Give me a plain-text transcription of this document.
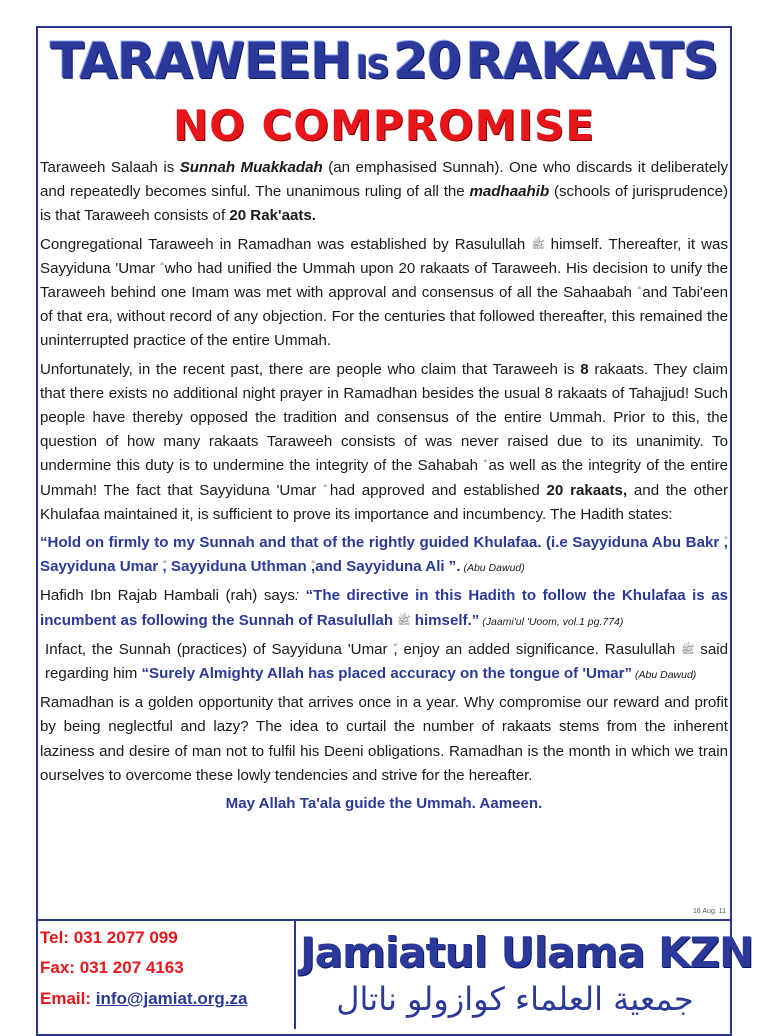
TARAWEEH IS 20 RAKAATS
NO COMPROMISE

Taraweeh Salaah is Sunnah Muakkadah (an emphasised Sunnah). One who discards it deliberately and repeatedly becomes sinful. The unanimous ruling of all the madhaahib (schools of jurisprudence) is that Taraweeh consists of 20 Rak'aats.

Congregational Taraweeh in Ramadhan was established by Rasulullah ﷺ himself. Thereafter, it was Sayyiduna 'Umar who had unified the Ummah upon 20 rakaats of Taraweeh. His decision to unify the Taraweeh behind one Imam was met with approval and consensus of all the Sahaabah and Tabi'een of that era, without record of any objection. For the centuries that followed thereafter, this remained the uninterrupted practice of the entire Ummah.

Unfortunately, in the recent past, there are people who claim that Taraweeh is 8 rakaats. They claim that there exists no additional night prayer in Ramadhan besides the usual 8 rakaats of Tahajjud! Such people have thereby opposed the tradition and consensus of the entire Ummah. Prior to this, the question of how many rakaats Taraweeh consists of was never raised due to its unanimity. To undermine this duty is to undermine the integrity of the Sahabah as well as the integrity of the entire Ummah! The fact that Sayyiduna 'Umar had approved and established 20 rakaats, and the other Khulafaa maintained it, is sufficient to prove its importance and incumbency. The Hadith states:

“Hold on firmly to my Sunnah and that of the rightly guided Khulafaa. (i.e Sayyiduna Abu Bakr , Sayyiduna Umar , Sayyiduna Uthman ,and Sayyiduna Ali ”. (Abu Dawud)

Hafidh Ibn Rajab Hambali (rah) says: “The directive in this Hadith to follow the Khulafaa is as incumbent as following the Sunnah of Rasulullah ﷺ himself.” (Jaami'ul 'Uoom, vol.1 pg.774)

Infact, the Sunnah (practices) of Sayyiduna 'Umar , enjoy an added significance. Rasulullah ﷺ said regarding him “Surely Almighty Allah has placed accuracy on the tongue of 'Umar” (Abu Dawud)

Ramadhan is a golden opportunity that arrives once in a year. Why compromise our reward and profit by being neglectful and lazy? The idea to curtail the number of rakaats stems from the inherent laziness and desire of man not to fulfil his Deeni obligations. Ramadhan is the month in which we train ourselves to overcome these lowly tendencies and strive for the hereafter.

May Allah Ta'ala guide the Ummah. Aameen.

16 Aug. 11
Tel: 031 2077 099
Fax: 031 207 4163
Email: info@jamiat.org.za
Jamiatul Ulama KZN
جمعية العلماء كوازولو ناتال
